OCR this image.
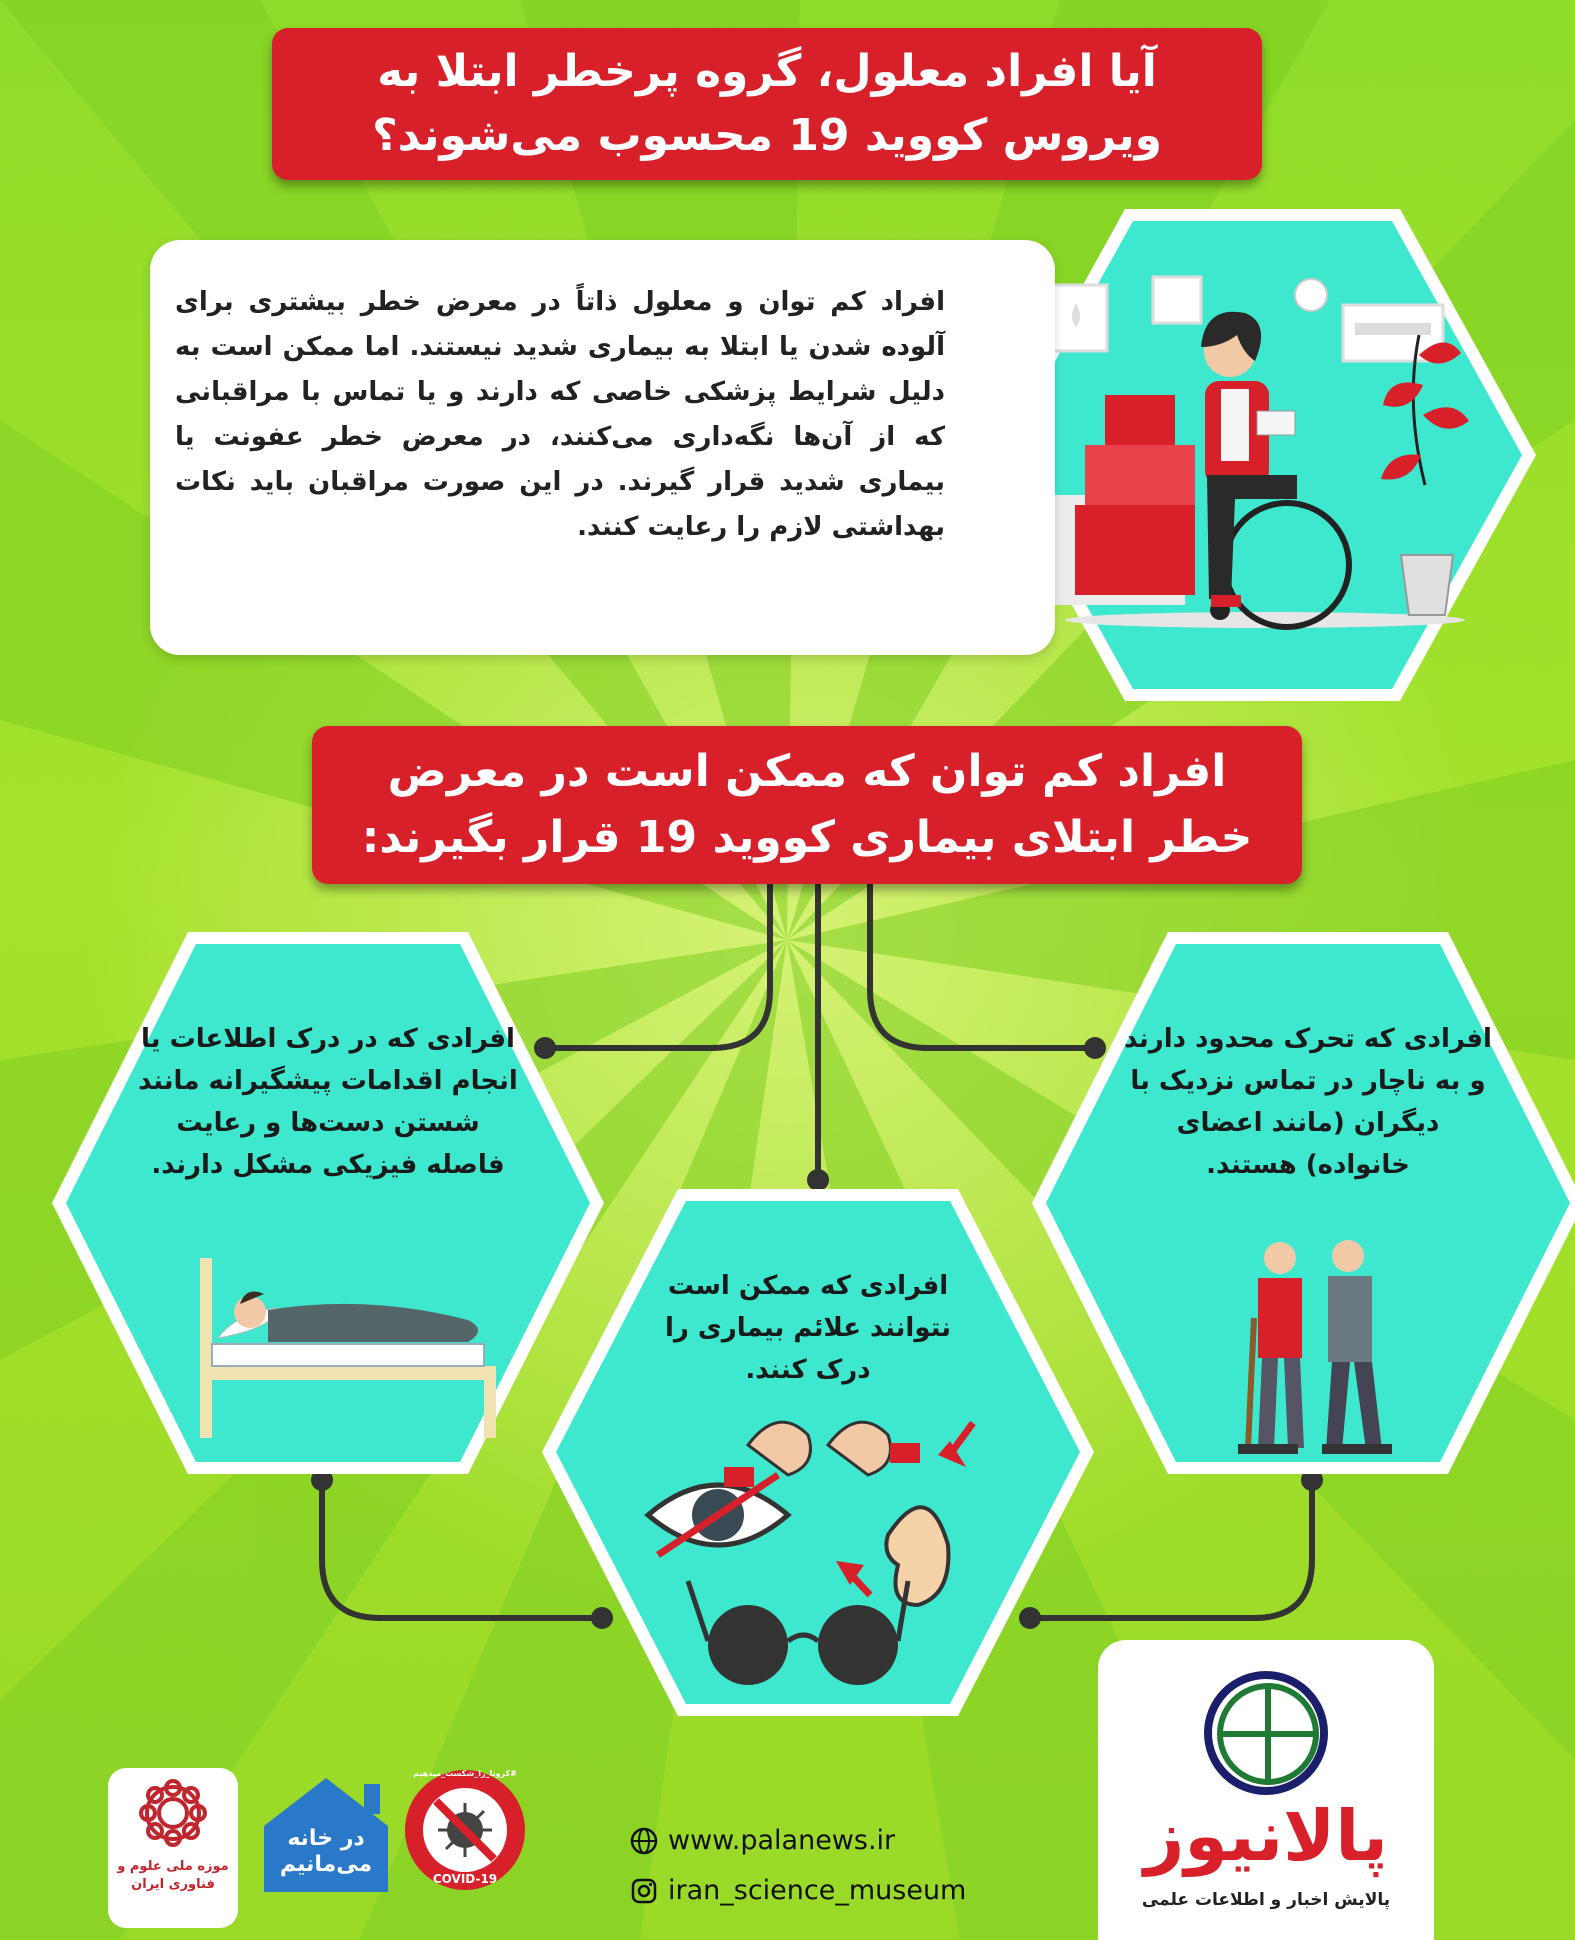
آیا افراد معلول، گروه پرخطر ابتلا به
ویروس کووید 19 محسوب می‌شوند؟

افراد کم توان و معلول ذاتاً در معرض خطر بیشتری برای آلوده شدن یا ابتلا به بیماری شدید نیستند. اما ممکن است به دلیل شرایط پزشکی خاصی که دارند و یا تماس با مراقبانی که از آن‌ها نگه‌داری می‌کنند، در معرض خطر عفونت یا بیماری شدید قرار گیرند. در این صورت مراقبان باید نکات بهداشتی لازم را رعایت کنند.

افراد کم توان که ممکن است در معرض
خطر ابتلای بیماری کووید 19 قرار بگیرند:
افرادی که در درک اطلاعات یا انجام اقدامات پیشگیرانه مانند شستن دست‌ها و رعایت فاصله فیزیکی مشکل دارند.
افرادی که ممکن است نتوانند علائم بیماری را درک کنند.
افرادی که تحرک محدود دارند و به ناچار در تماس نزدیک با دیگران (مانند اعضای خانواده) هستند.
پالانیوز
پالایش اخبار و اطلاعات علمی
www.palanews.ir
iran_science_museum
#کرونا_را_شکست_میدهیم
COVID-19
در خانه می‌مانیم
موزه ملی علوم و فناوری ایران
